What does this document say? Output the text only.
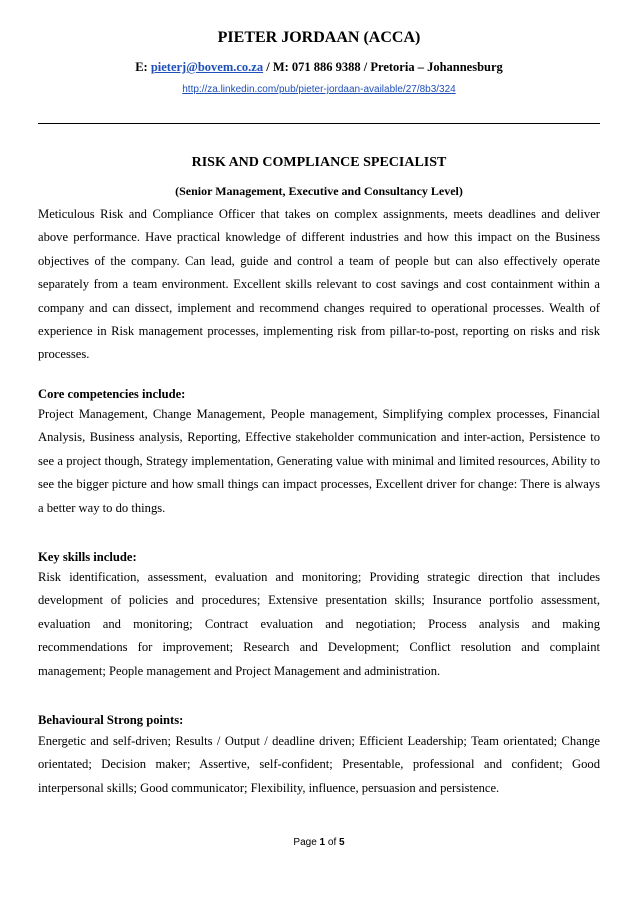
PIETER JORDAAN (ACCA)
E: pieterj@bovem.co.za / M: 071 886 9388 / Pretoria – Johannesburg
http://za.linkedin.com/pub/pieter-jordaan-available/27/8b3/324
RISK AND COMPLIANCE SPECIALIST
(Senior Management, Executive and Consultancy Level)
Meticulous Risk and Compliance Officer that takes on complex assignments, meets deadlines and deliver above performance. Have practical knowledge of different industries and how this impact on the Business objectives of the company. Can lead, guide and control a team of people but can also effectively operate separately from a team environment. Excellent skills relevant to cost savings and cost containment within a company and can dissect, implement and recommend changes required to operational processes. Wealth of experience in Risk management processes, implementing risk from pillar-to-post, reporting on risks and risk processes.
Core competencies include:
Project Management, Change Management, People management, Simplifying complex processes, Financial Analysis, Business analysis, Reporting, Effective stakeholder communication and inter-action, Persistence to see a project though, Strategy implementation, Generating value with minimal and limited resources, Ability to see the bigger picture and how small things can impact processes, Excellent driver for change: There is always a better way to do things.
Key skills include:
Risk identification, assessment, evaluation and monitoring; Providing strategic direction that includes development of policies and procedures; Extensive presentation skills; Insurance portfolio assessment, evaluation and monitoring; Contract evaluation and negotiation; Process analysis and making recommendations for improvement; Research and Development; Conflict resolution and complaint management; People management and Project Management and administration.
Behavioural Strong points:
Energetic and self-driven; Results / Output / deadline driven; Efficient Leadership; Team orientated; Change orientated; Decision maker; Assertive, self-confident; Presentable, professional and confident; Good interpersonal skills; Good communicator; Flexibility, influence, persuasion and persistence.
Page 1 of 5
